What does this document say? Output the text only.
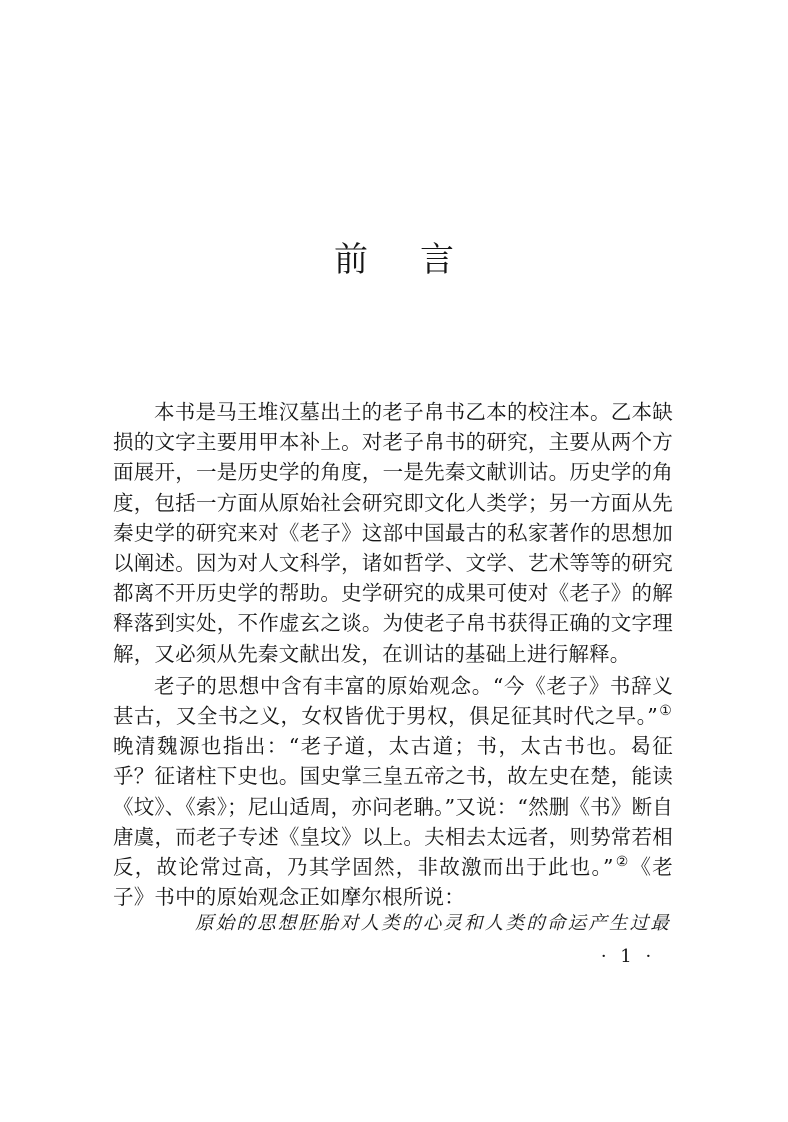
前 言

本书是马王堆汉墓出土的老子帛书乙本的校注本。乙本缺损的文字主要用甲本补上。对老子帛书的研究，主要从两个方面展开，一是历史学的角度，一是先秦文献训诂。历史学的角度，包括一方面从原始社会研究即文化人类学；另一方面从先秦史学的研究来对《老子》这部中国最古的私家著作的思想加以阐述。因为对人文科学，诸如哲学、文学、艺术等等的研究都离不开历史学的帮助。史学研究的成果可使对《老子》的解释落到实处，不作虚玄之谈。为使老子帛书获得正确的文字理解，又必须从先秦文献出发，在训诂的基础上进行解释。

老子的思想中含有丰富的原始观念。“今《老子》书辞义甚古，又全书之义，女权皆优于男权，俱足征其时代之早。”①晚清魏源也指出：“老子道，太古道；书，太古书也。曷征乎？征诸柱下史也。国史掌三皇五帝之书，故左史在楚，能读《坟》、《索》；尼山适周，亦问老聃。”又说：“然删《书》断自唐虞，而老子专述《皇坟》以上。夫相去太远者，则势常若相反，故论常过高，乃其学固然，非故激而出于此也。”②《老子》书中的原始观念正如摩尔根所说：

原始的思想胚胎对人类的心灵和人类的命运产生过最
· 1 ·
